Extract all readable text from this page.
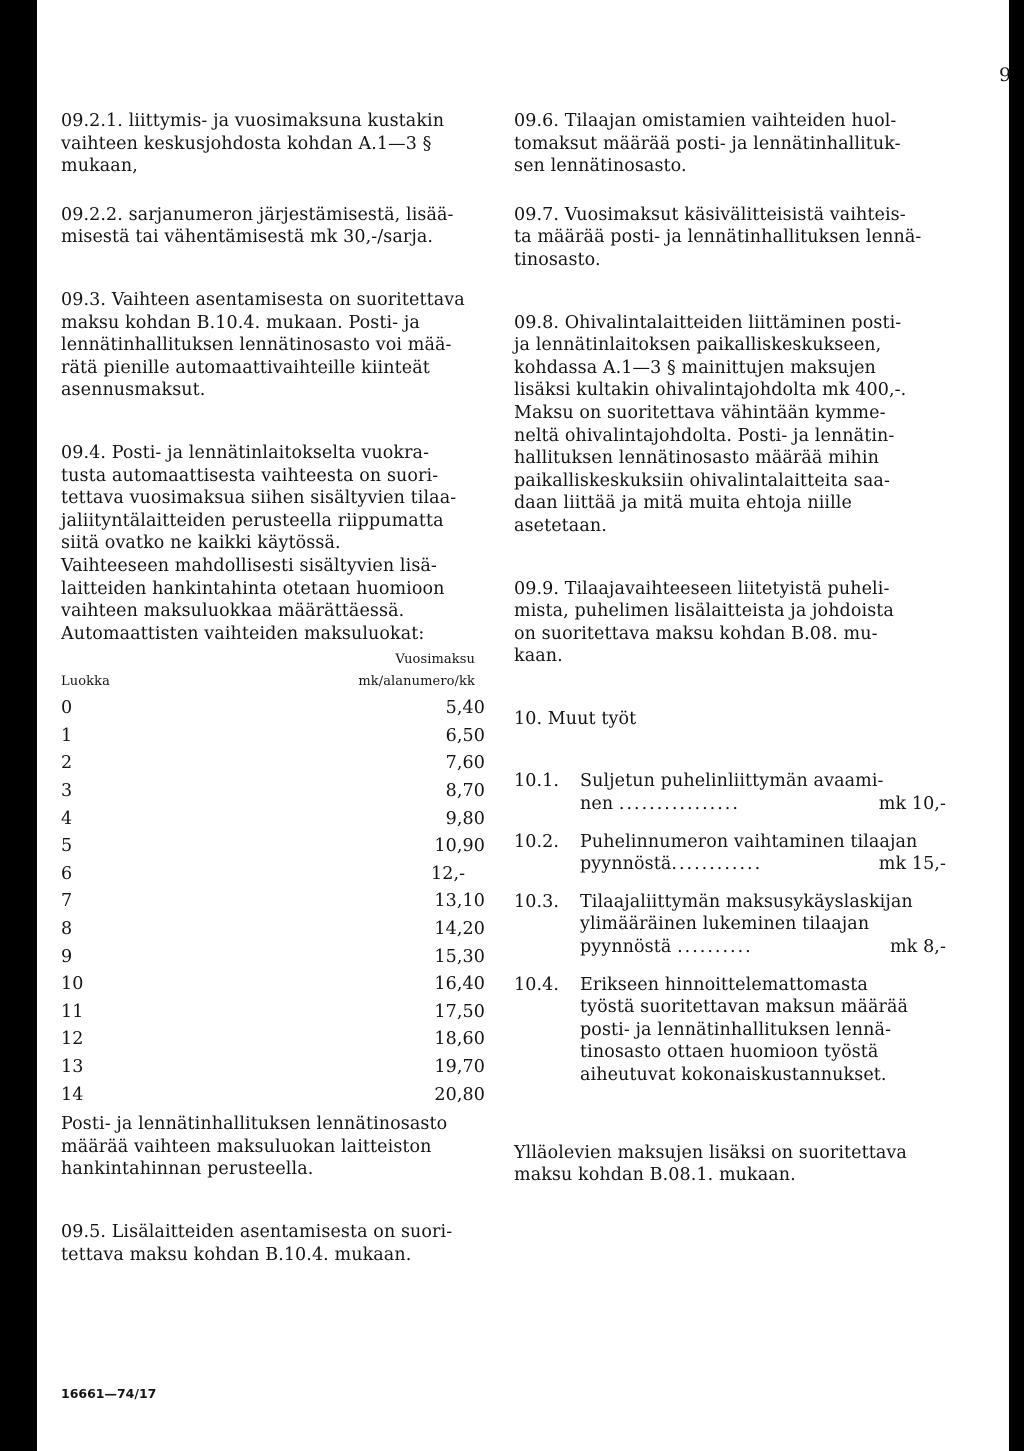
9
09.2.1. liittymis- ja vuosimaksuna kustakin
vaihteen keskusjohdosta kohdan A.1—3 §
mukaan,
09.2.2. sarjanumeron järjestämisestä, lisää-
misestä tai vähentämisestä mk 30,-/sarja.
09.3. Vaihteen asentamisesta on suoritettava
maksu kohdan B.10.4. mukaan. Posti- ja
lennätinhallituksen lennätinosasto voi mää-
rätä pienille automaattivaihteille kiinteät
asennusmaksut.
09.4. Posti- ja lennätinlaitokselta vuokra-
tusta automaattisesta vaihteesta on suori-
tettava vuosimaksua siihen sisältyvien tilaa-
jaliityntälaitteiden perusteella riippumatta
siitä ovatko ne kaikki käytössä.
Vaihteeseen mahdollisesti sisältyvien lisä-
laitteiden hankintahinta otetaan huomioon
vaihteen maksuluokkaa määrättäessä.
Automaattisten vaihteiden maksuluokat:
Vuosimaksu
Luokka	mk/alanumero/kk
0	5,40
1	6,50
2	7,60
3	8,70
4	9,80
5	10,90
6	12,-
7	13,10
8	14,20
9	15,30
10	16,40
11	17,50
12	18,60
13	19,70
14	20,80
Posti- ja lennätinhallituksen lennätinosasto
määrää vaihteen maksuluokan laitteiston
hankintahinnan perusteella.
09.5. Lisälaitteiden asentamisesta on suori-
tettava maksu kohdan B.10.4. mukaan.
09.6. Tilaajan omistamien vaihteiden huol-
tomaksut määrää posti- ja lennätinhallituk-
sen lennätinosasto.
09.7. Vuosimaksut käsivälitteisistä vaihteis-
ta määrää posti- ja lennätinhallituksen lennä-
tinosasto.
09.8. Ohivalintalaitteiden liittäminen posti-
ja lennätinlaitoksen paikalliskeskukseen,
kohdassa A.1—3 § mainittujen maksujen
lisäksi kultakin ohivalintajohdolta mk 400,-.
Maksu on suoritettava vähintään kymme-
neltä ohivalintajohdolta. Posti- ja lennätin-
hallituksen lennätinosasto määrää mihin
paikalliskeskuksiin ohivalintalaitteita saa-
daan liittää ja mitä muita ehtoja niille
asetetaan.
09.9. Tilaajavaihteeseen liitetyistä puheli-
mista, puhelimen lisälaitteista ja johdoista
on suoritettava maksu kohdan B.08. mu-
kaan.
10. Muut työt
10.1. Suljetun puhelinliittymän avaami-
nen ................	mk 10,-
10.2. Puhelinnumeron vaihtaminen tilaajan
pyynnöstä............	mk 15,-
10.3. Tilaajaliittymän maksusykäyslaskijan
ylimääräinen lukeminen tilaajan
pyynnöstä ..........	mk 8,-
10.4. Erikseen hinnoittelemattomasta
työstä suoritettavan maksun määrää
posti- ja lennätinhallituksen lennä-
tinosasto ottaen huomioon työstä
aiheutuvat kokonaiskustannukset.
Ylläolevien maksujen lisäksi on suoritettava
maksu kohdan B.08.1. mukaan.
16661—74/17
